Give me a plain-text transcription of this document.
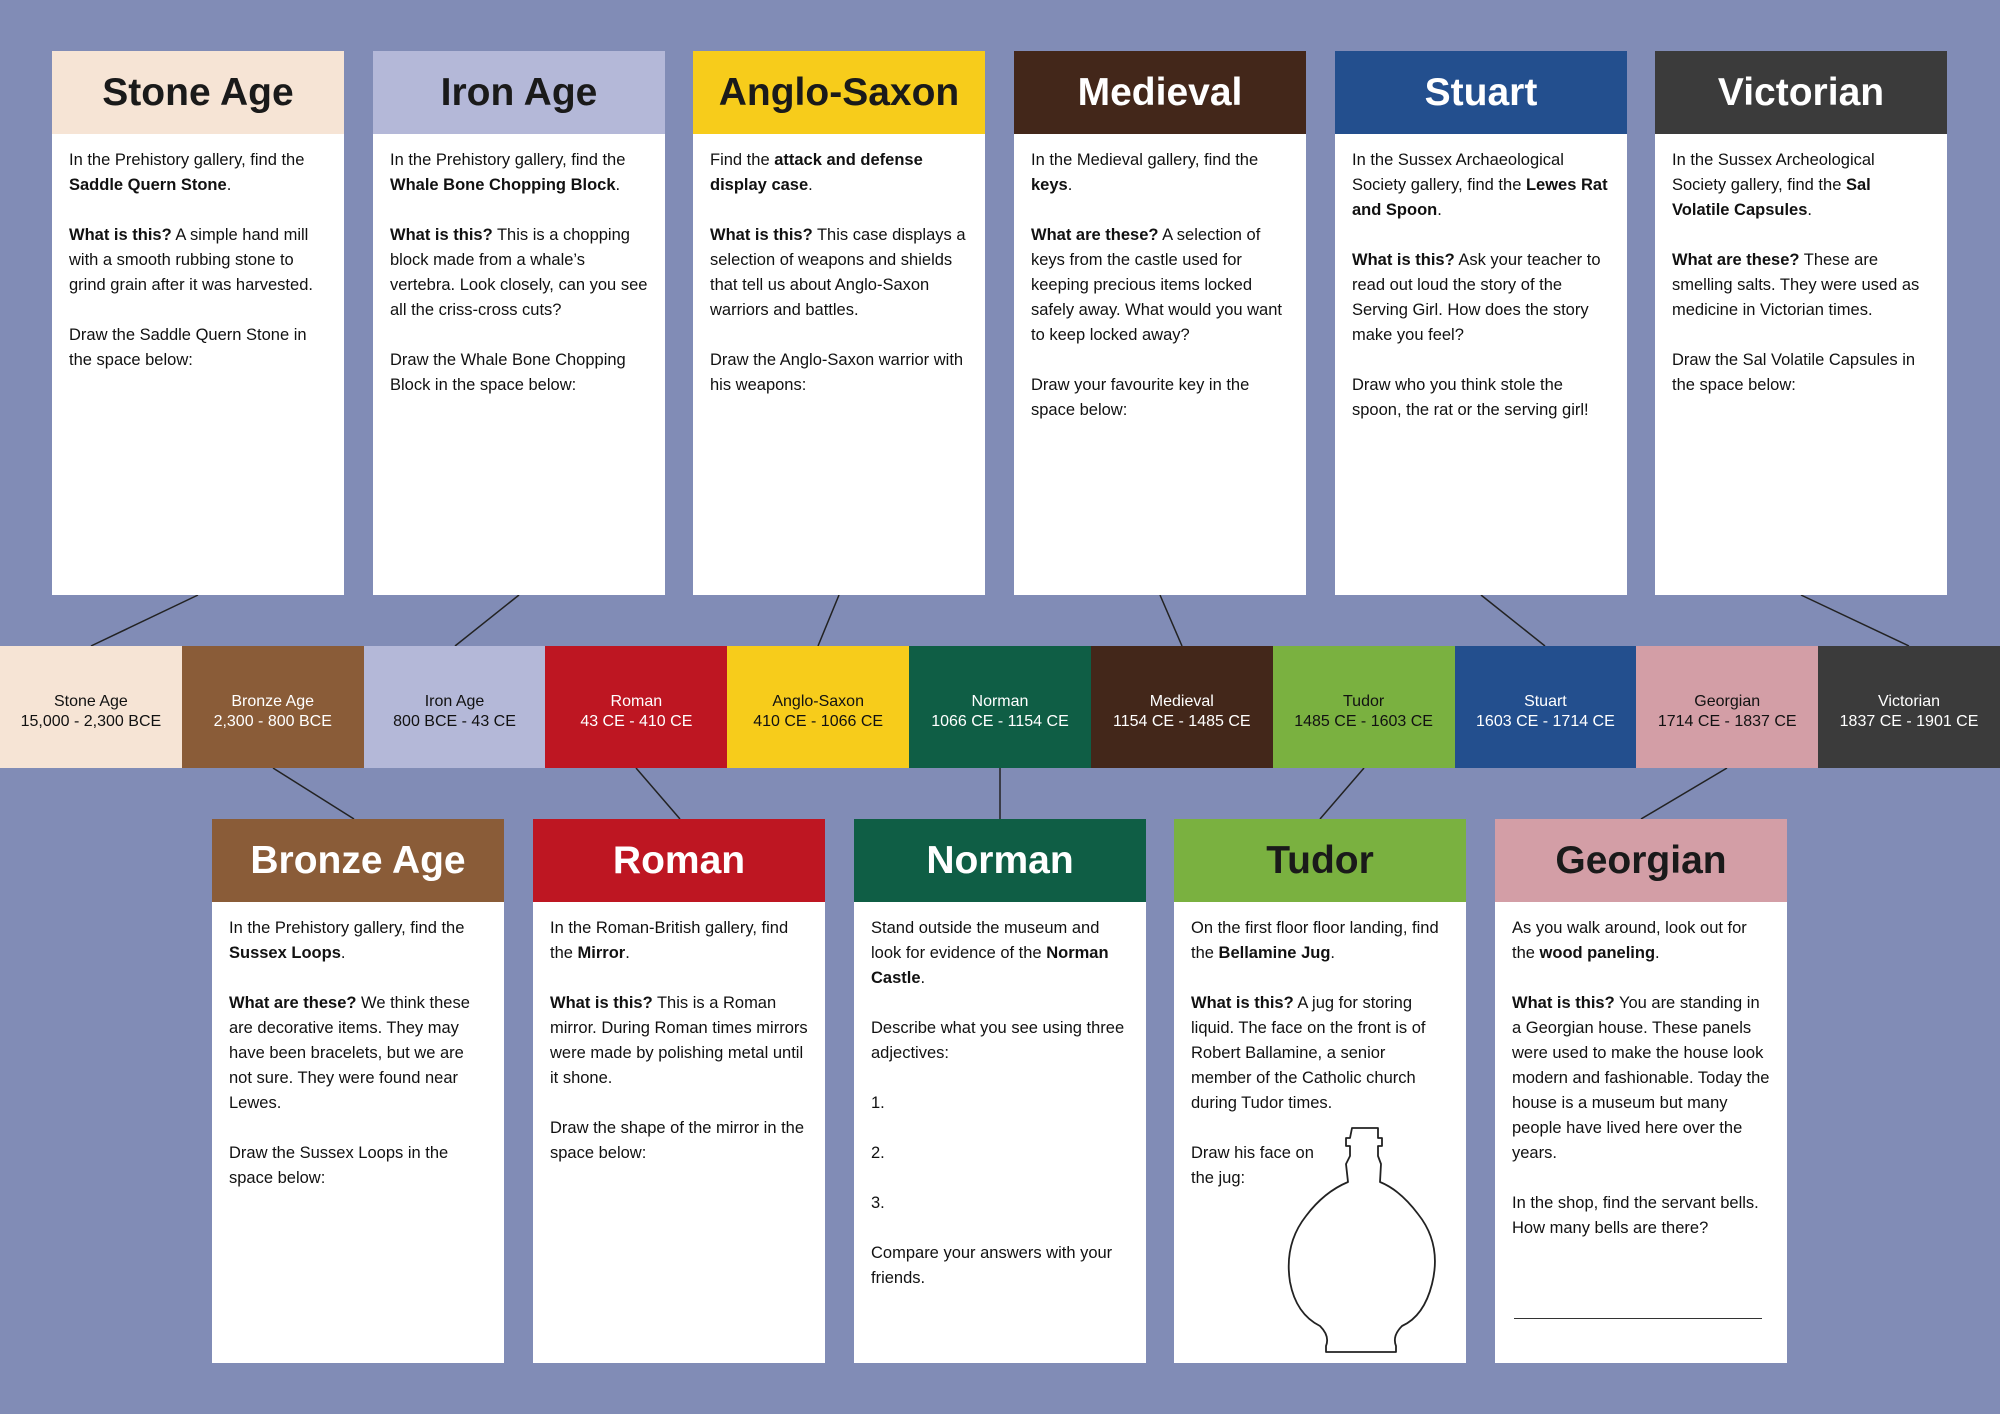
Stone Age
15,000 - 2,300 BCE
Bronze Age
2,300 - 800 BCE
Iron Age
800 BCE - 43 CE
Roman
43 CE - 410 CE
Anglo-Saxon
410 CE - 1066 CE
Norman
1066 CE - 1154 CE
Medieval
1154 CE - 1485 CE
Tudor
1485 CE - 1603 CE
Stuart
1603 CE - 1714 CE
Georgian
1714 CE - 1837 CE
Victorian
1837 CE - 1901 CE
Stone Age

In the Prehistory gallery, find the Saddle Quern Stone.

What is this? A simple hand mill with a smooth rubbing stone to grind grain after it was harvested.

Draw the Saddle Quern Stone in the space below:

Iron Age

In the Prehistory gallery, find the Whale Bone Chopping Block.

What is this? This is a chopping block made from a whale’s vertebra. Look closely, can you see all the criss-cross cuts?

Draw the Whale Bone Chopping Block in the space below:

Anglo-Saxon

Find the attack and defense display case.

What is this? This case displays a selection of weapons and shields that tell us about Anglo-Saxon warriors and battles.

Draw the Anglo-Saxon warrior with his weapons:

Medieval

In the Medieval gallery, find the keys.

What are these? A selection of keys from the castle used for keeping precious items locked safely away. What would you want to keep locked away?

Draw your favourite key in the space below:

Stuart

In the Sussex Archaeological Society gallery, find the Lewes Rat and Spoon.

What is this? Ask your teacher to read out loud the story of the Serving Girl. How does the story make you feel?

Draw who you think stole the spoon, the rat or the serving girl!

Victorian

In the Sussex Archeological Society gallery, find the Sal Volatile Capsules.

What are these? These are smelling salts. They were used as medicine in Victorian times.

Draw the Sal Volatile Capsules in the space below:

Bronze Age

In the Prehistory gallery, find the Sussex Loops.

What are these? We think these are decorative items. They may have been bracelets, but we are not sure. They were found near Lewes.

Draw the Sussex Loops in the space below:

Roman

In the Roman-British gallery, find the Mirror.

What is this? This is a Roman mirror. During Roman times mirrors were made by polishing metal until it shone.

Draw the shape of the mirror in the space below:

Norman

Stand outside the museum and look for evidence of the Norman Castle.

Describe what you see using three adjectives:

1.

2.

3.

Compare your answers with your friends.

Tudor

On the first floor floor landing, find the Bellamine Jug.

What is this? A jug for storing liquid. The face on the front is of Robert Ballamine, a senior member of the Catholic church during Tudor times.

Draw his face on the jug:

Georgian

As you walk around, look out for the wood paneling.

What is this? You are standing in a Georgian house. These panels were used to make the house look modern and fashionable. Today the house is a museum but many people have lived here over the years.

In the shop, find the servant bells. How many bells are there?
